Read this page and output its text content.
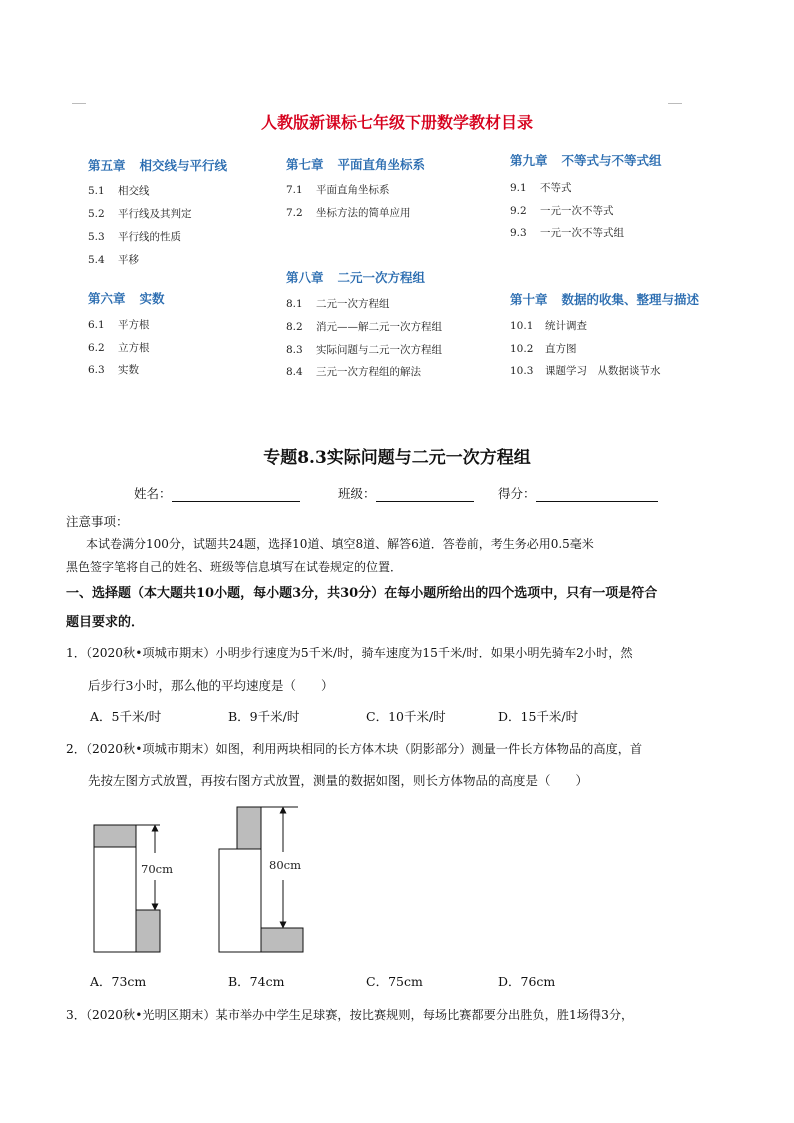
人教版新课标七年级下册数学教材目录
第五章 相交线与平行线
5.1 相交线
5.2 平行线及其判定
5.3 平行线的性质
5.4 平移
第六章 实数
6.1 平方根
6.2 立方根
6.3 实数
第七章 平面直角坐标系
7.1 平面直角坐标系
7.2 坐标方法的简单应用
第八章 二元一次方程组
8.1 二元一次方程组
8.2 消元——解二元一次方程组
8.3 实际问题与二元一次方程组
8.4 三元一次方程组的解法
第九章 不等式与不等式组
9.1 不等式
9.2 一元一次不等式
9.3 一元一次不等式组
第十章 数据的收集、整理与描述
10.1 统计调查
10.2 直方图
10.3 课题学习　从数据谈节水
专题8.3实际问题与二元一次方程组
姓名：	班级：	得分：
注意事项：
本试卷满分100分，试题共24题，选择10道、填空8道、解答6道．答卷前，考生务必用0.5毫米
黑色签字笔将自己的姓名、班级等信息填写在试卷规定的位置．
一、选择题（本大题共10小题，每小题3分，共30分）在每小题所给出的四个选项中，只有一项是符合
题目要求的．
1．（2020秋•项城市期末）小明步行速度为5千米/时，骑车速度为15千米/时．如果小明先骑车2小时，然
后步行3小时，那么他的平均速度是（　　）
A．5千米/时	B．9千米/时	C．10千米/时	D．15千米/时
2．（2020秋•项城市期末）如图，利用两块相同的长方体木块（阴影部分）测量一件长方体物品的高度，首
先按左图方式放置，再按右图方式放置，测量的数据如图，则长方体物品的高度是（　　）
70cm	80cm
A．73cm	B．74cm	C．75cm	D．76cm
3．（2020秋•光明区期末）某市举办中学生足球赛，按比赛规则，每场比赛都要分出胜负，胜1场得3分，
